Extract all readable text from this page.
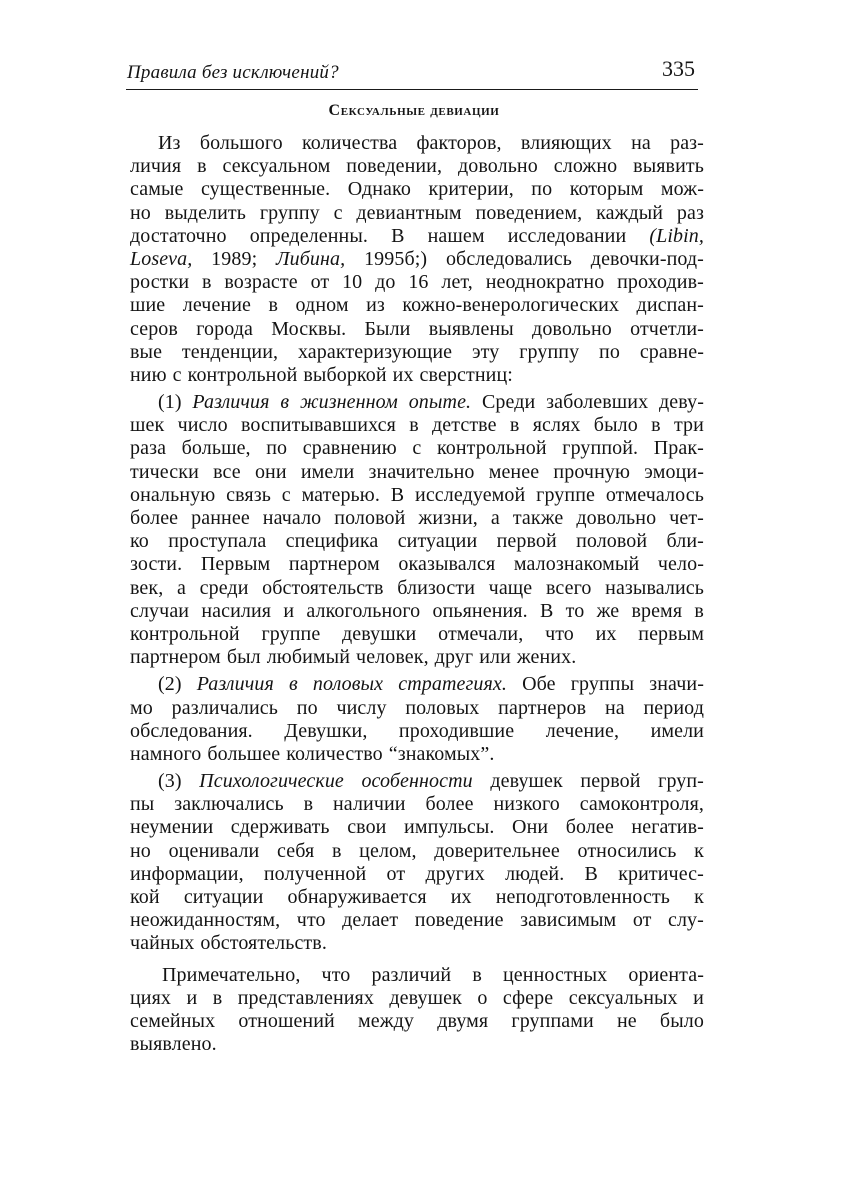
Правила без исключений?	335
Сексуальные девиации
Из большого количества факторов, влияющих на раз-
личия в сексуальном поведении, довольно сложно выявить
самые существенные. Однако критерии, по которым мож-
но выделить группу с девиантным поведением, каждый раз
достаточно определенны. В нашем исследовании (Libin,
Loseva, 1989; Либина, 1995б;) обследовались девочки-под-
ростки в возрасте от 10 до 16 лет, неоднократно проходив-
шие лечение в одном из кожно-венерологических диспан-
серов города Москвы. Были выявлены довольно отчетли-
вые тенденции, характеризующие эту группу по сравне-
нию с контрольной выборкой их сверстниц:
(1) Различия в жизненном опыте. Среди заболевших деву-
шек число воспитывавшихся в детстве в яслях было в три
раза больше, по сравнению с контрольной группой. Прак-
тически все они имели значительно менее прочную эмоци-
ональную связь с матерью. В исследуемой группе отмечалось
более раннее начало половой жизни, а также довольно чет-
ко проступала специфика ситуации первой половой бли-
зости. Первым партнером оказывался малознакомый чело-
век, а среди обстоятельств близости чаще всего назывались
случаи насилия и алкогольного опьянения. В то же время в
контрольной группе девушки отмечали, что их первым
партнером был любимый человек, друг или жених.
(2) Различия в половых стратегиях. Обе группы значи-
мо различались по числу половых партнеров на период
обследования. Девушки, проходившие лечение, имели
намного большее количество “знакомых”.
(3) Психологические особенности девушек первой груп-
пы заключались в наличии более низкого самоконтроля,
неумении сдерживать свои импульсы. Они более негатив-
но оценивали себя в целом, доверительнее относились к
информации, полученной от других людей. В критичес-
кой ситуации обнаруживается их неподготовленность к
неожиданностям, что делает поведение зависимым от слу-
чайных обстоятельств.
Примечательно, что различий в ценностных ориента-
циях и в представлениях девушек о сфере сексуальных и
семейных отношений между двумя группами не было
выявлено.
